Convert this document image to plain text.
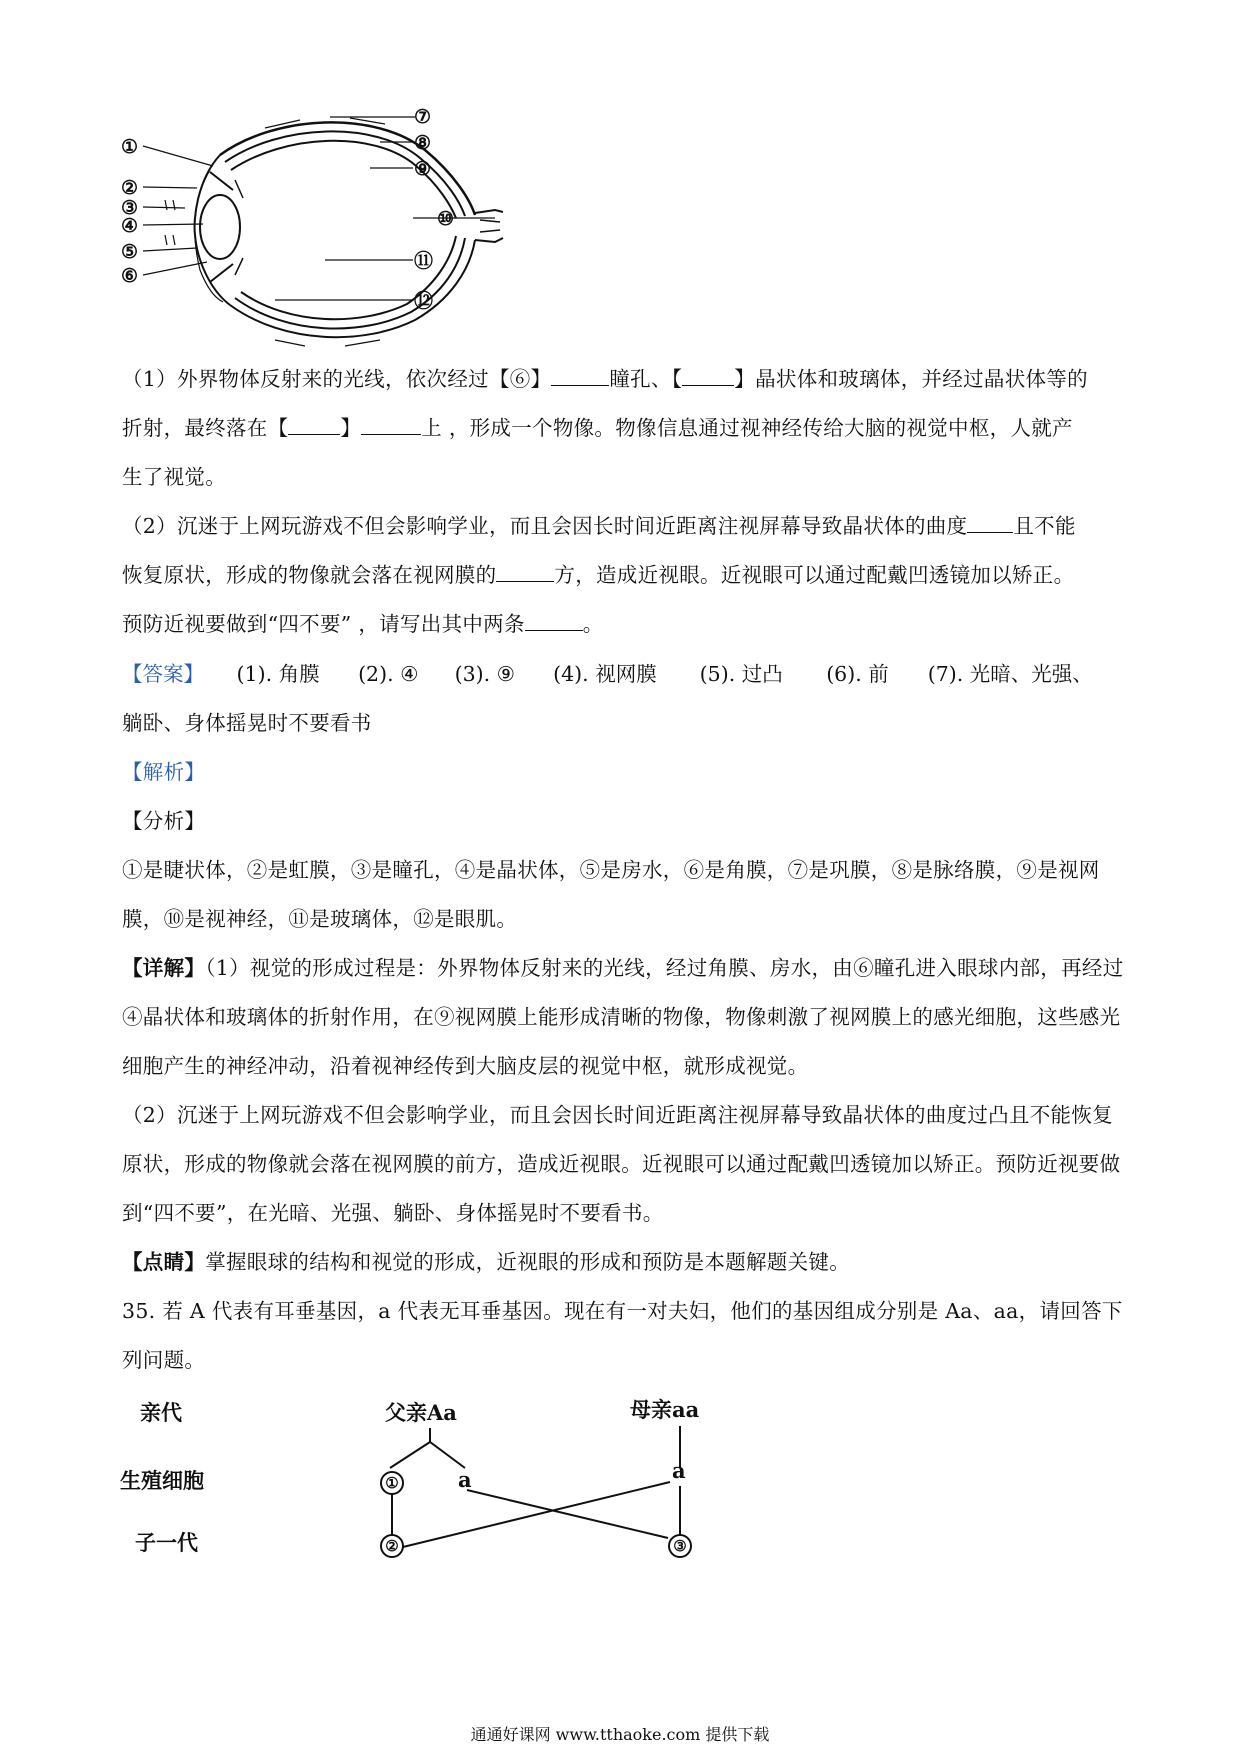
①
②
③
④
⑤
⑥
⑦
⑧
⑨
⑩
⑪
⑫
（1）外界物体反射来的光线，依次经过【⑥】	瞳孔、【	】晶状体和玻璃体，并经过晶状体等的
折射，最终落在【	】	上 ，形成一个物像。物像信息通过视神经传给大脑的视觉中枢，人就产
生了视觉。
（2）沉迷于上网玩游戏不但会影响学业，而且会因长时间近距离注视屏幕导致晶状体的曲度 且不能
恢复原状，形成的物像就会落在视网膜的	方，造成近视眼。近视眼可以通过配戴凹透镜加以矫正。
预防近视要做到“四不要” ，请写出其中两条	。
【答案】 (1). 角膜 (2). ④ (3). ⑨ (4). 视网膜 (5). 过凸 (6). 前 (7). 光暗、光强、
躺卧、身体摇晃时不要看书
【解析】
【分析】
①是睫状体，②是虹膜，③是瞳孔，④是晶状体，⑤是房水，⑥是角膜，⑦是巩膜，⑧是脉络膜，⑨是视网膜，⑩是视神经，⑪是玻璃体，⑫是眼肌。
【详解】（1）视觉的形成过程是：外界物体反射来的光线，经过角膜、房水，由⑥瞳孔进入眼球内部，再经过④晶状体和玻璃体的折射作用，在⑨视网膜上能形成清晰的物像，物像刺激了视网膜上的感光细胞，这些感光细胞产生的神经冲动，沿着视神经传到大脑皮层的视觉中枢，就形成视觉。
（2）沉迷于上网玩游戏不但会影响学业，而且会因长时间近距离注视屏幕导致晶状体的曲度过凸且不能恢复原状，形成的物像就会落在视网膜的前方，造成近视眼。近视眼可以通过配戴凹透镜加以矫正。预防近视要做到“四不要”，在光暗、光强、躺卧、身体摇晃时不要看书。
【点睛】掌握眼球的结构和视觉的形成，近视眼的形成和预防是本题解题关键。
35. 若 A 代表有耳垂基因，a 代表无耳垂基因。现在有一对夫妇，他们的基因组成分别是 Aa、aa，请回答下列问题。
亲代
生殖细胞
子一代
父亲Aa	母亲aa
a	a
①
②	③
通通好课网 www.tthaoke.com 提供下载
